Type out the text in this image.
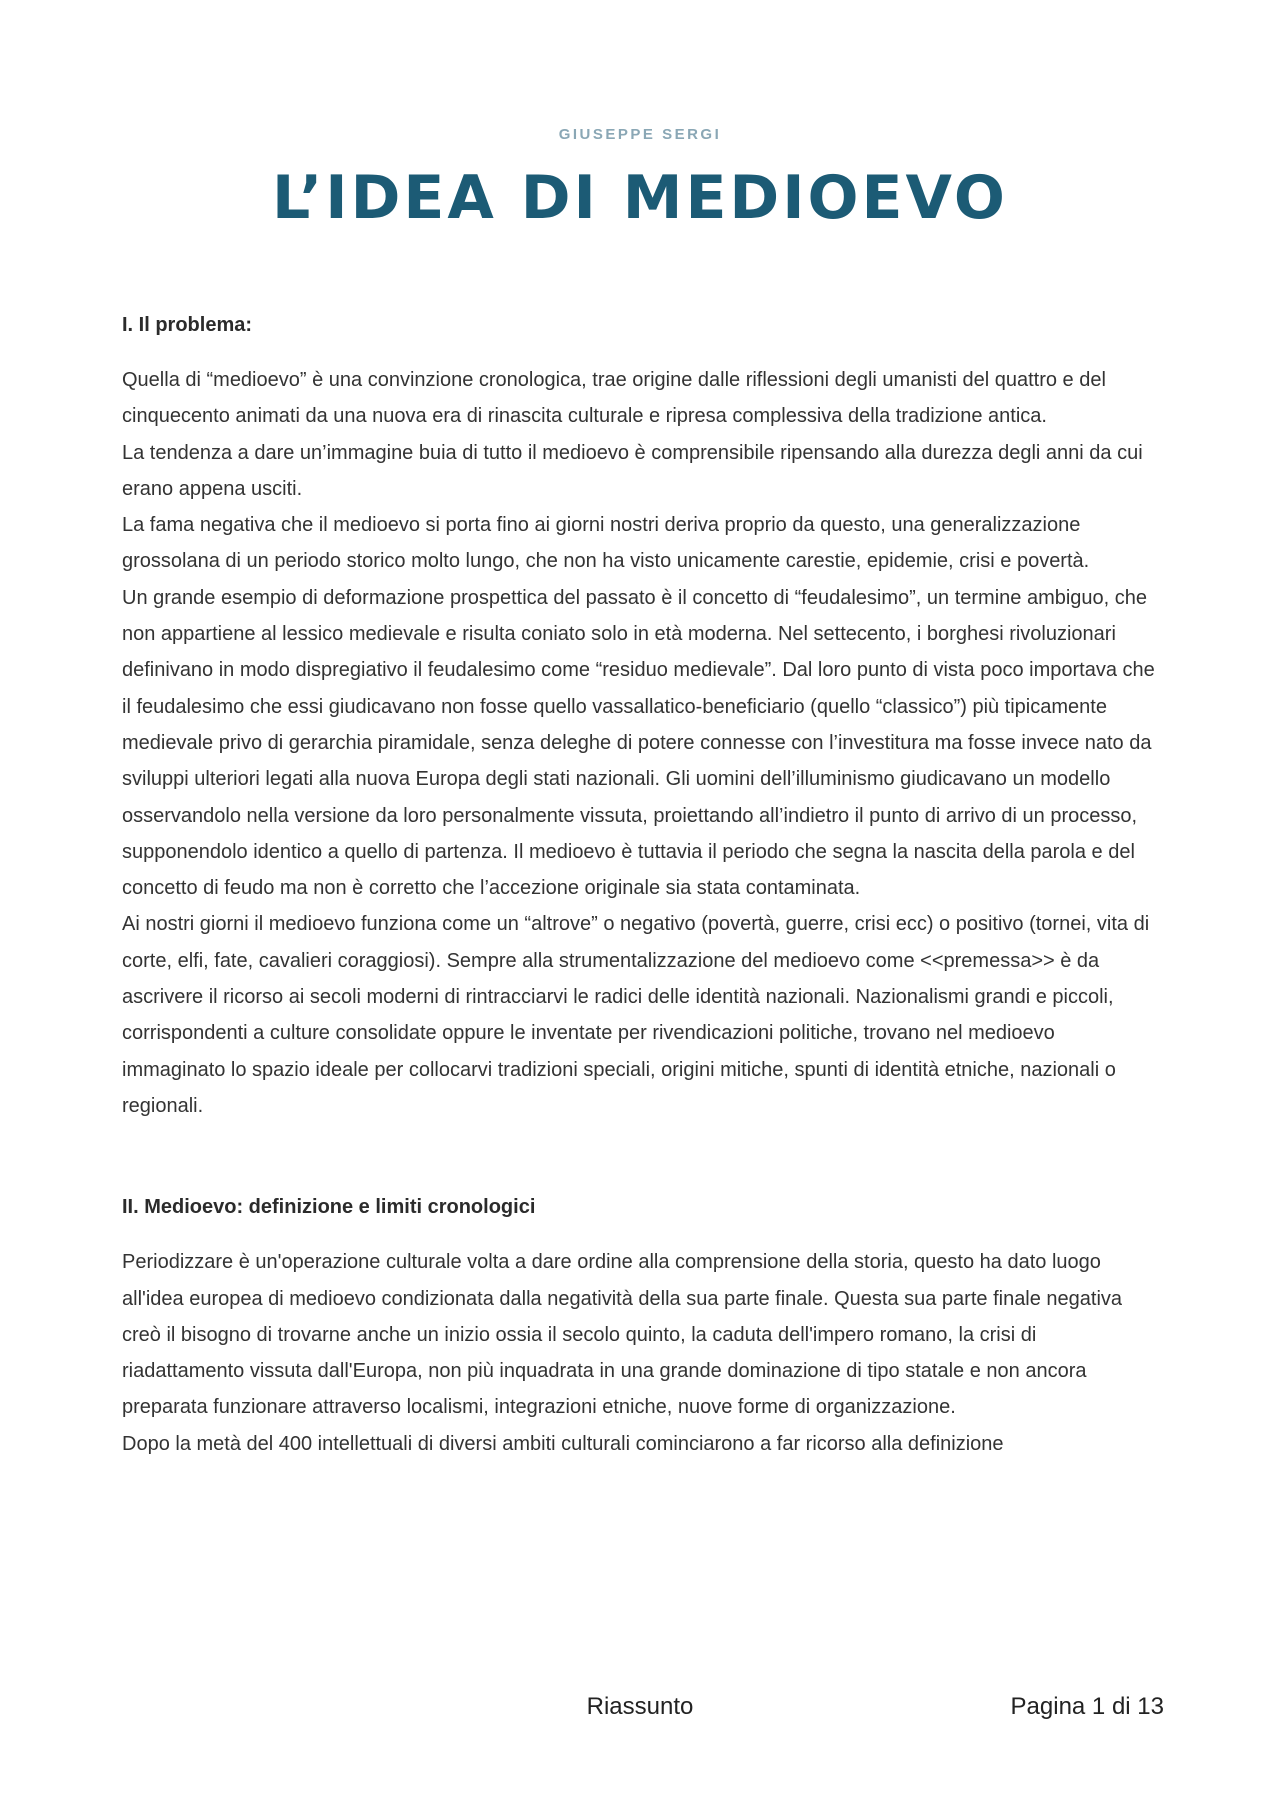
GIUSEPPE SERGI
L’IDEA DI MEDIOEVO
I. Il problema:

Quella di “medioevo” è una convinzione cronologica, trae origine dalle riflessioni degli umanisti del quattro e del cinquecento animati da una nuova era di rinascita culturale e ripresa complessiva della tradizione antica.

La tendenza a dare un’immagine buia di tutto il medioevo è comprensibile ripensando alla durezza degli anni da cui erano appena usciti.

La fama negativa che il medioevo si porta fino ai giorni nostri deriva proprio da questo, una generalizzazione grossolana di un periodo storico molto lungo, che non ha visto unicamente carestie, epidemie, crisi e povertà.

Un grande esempio di deformazione prospettica del passato è il concetto di “feudalesimo”, un termine ambiguo, che non appartiene al lessico medievale e risulta coniato solo in età moderna. Nel settecento, i borghesi rivoluzionari definivano in modo dispregiativo il feudalesimo come “residuo medievale”. Dal loro punto di vista poco importava che il feudalesimo che essi giudicavano non fosse quello vassallatico-beneficiario (quello “classico”) più tipicamente medievale privo di gerarchia piramidale, senza deleghe di potere connesse con l’investitura ma fosse invece nato da sviluppi ulteriori legati alla nuova Europa degli stati nazionali. Gli uomini dell’illuminismo giudicavano un modello osservandolo nella versione da loro personalmente vissuta, proiettando all’indietro il punto di arrivo di un processo, supponendolo identico a quello di partenza. Il medioevo è tuttavia il periodo che segna la nascita della parola e del concetto di feudo ma non è corretto che l’accezione originale sia stata contaminata.

Ai nostri giorni il medioevo funziona come un “altrove” o negativo (povertà, guerre, crisi ecc) o positivo (tornei, vita di corte, elfi, fate, cavalieri coraggiosi). Sempre alla strumentalizzazione del medioevo come <<premessa>> è da ascrivere il ricorso ai secoli moderni di rintracciarvi le radici delle identità nazionali. Nazionalismi grandi e piccoli, corrispondenti a culture consolidate oppure le inventate per rivendicazioni politiche, trovano nel medioevo immaginato lo spazio ideale per collocarvi tradizioni speciali, origini mitiche, spunti di identità etniche, nazionali o regionali.

II. Medioevo: definizione e limiti cronologici

Periodizzare è un'operazione culturale volta a dare ordine alla comprensione della storia, questo ha dato luogo all'idea europea di medioevo condizionata dalla negatività della sua parte finale. Questa sua parte finale negativa creò il bisogno di trovarne anche un inizio ossia il secolo quinto, la caduta dell'impero romano, la crisi di riadattamento vissuta dall'Europa, non più inquadrata in una grande dominazione di tipo statale e non ancora preparata funzionare attraverso localismi, integrazioni etniche, nuove forme di organizzazione.

Dopo la metà del 400 intellettuali di diversi ambiti culturali cominciarono a far ricorso alla definizione

Riassunto	Pagina 1 di 13
